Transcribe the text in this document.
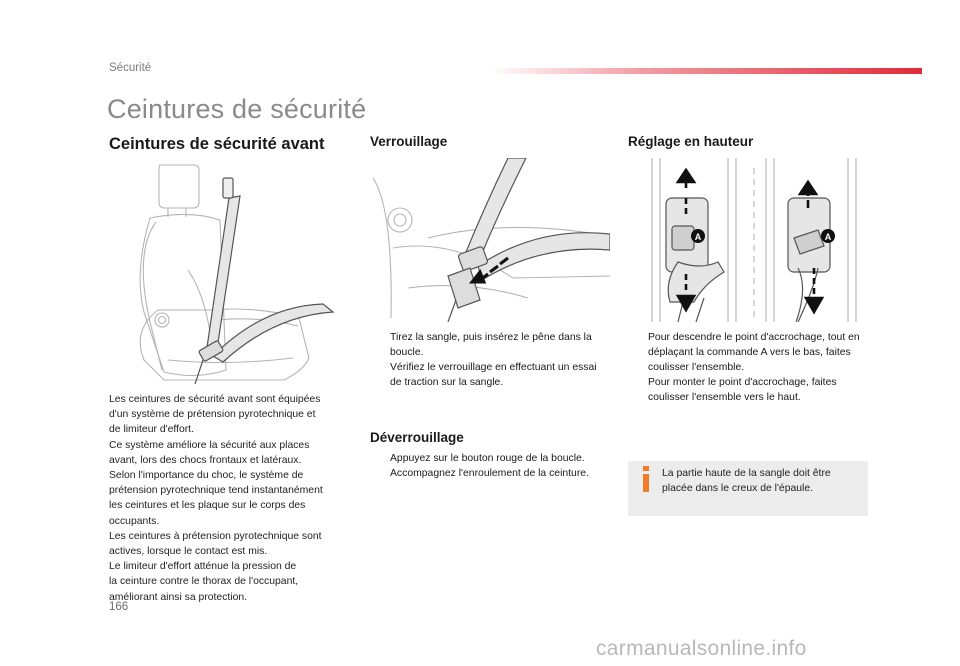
Sécurité
Ceintures de sécurité
Ceintures de sécurité avant
Les ceintures de sécurité avant sont équipées
d'un système de prétension pyrotechnique et
de limiteur d'effort.
Ce système améliore la sécurité aux places
avant, lors des chocs frontaux et latéraux.
Selon l'importance du choc, le système de
prétension pyrotechnique tend instantanément
les ceintures et les plaque sur le corps des
occupants.
Les ceintures à prétension pyrotechnique sont
actives, lorsque le contact est mis.
Le limiteur d'effort atténue la pression de
la ceinture contre le thorax de l'occupant,
améliorant ainsi sa protection.
Verrouillage
Tirez la sangle, puis insérez le pêne dans la boucle.
Vérifiez le verrouillage en effectuant un essai de traction sur la sangle.
Déverrouillage
Appuyez sur le bouton rouge de la boucle.
Accompagnez l'enroulement de la ceinture.
Réglage en hauteur
A	A
Pour descendre le point d'accrochage, tout en déplaçant la commande A vers le bas, faites coulisser l'ensemble.
Pour monter le point d'accrochage, faites coulisser l'ensemble vers le haut.
La partie haute de la sangle doit être placée dans le creux de l'épaule.
166
carmanualsonline.info
